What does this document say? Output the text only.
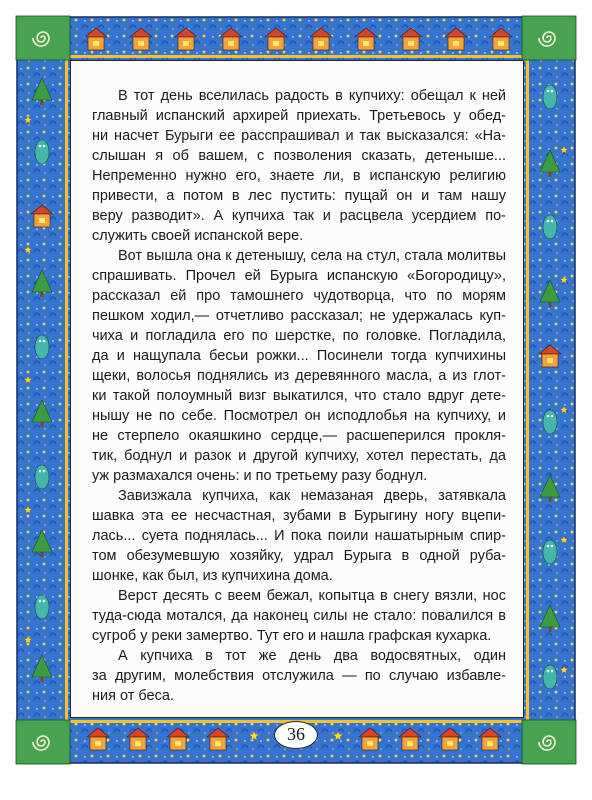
В тот день вселилась радость в купчиху: обещал к ней
главный испанский архирей приехать. Третьевось у обед-
ни насчет Бурыги ее расспрашивал и так высказался: «На-
слышан я об вашем, с позволения сказать, детеныше...
Непременно нужно его, знаете ли, в испанскую религию
привести, а потом в лес пустить: пущай он и там нашу
веру разводит». А купчиха так и расцвела усердием по-
служить своей испанской вере.
Вот вышла она к детенышу, села на стул, стала молитвы
спрашивать. Прочел ей Бурыга испанскую «Богородицу»,
рассказал ей про тамошнего чудотворца, что по морям
пешком ходил,— отчетливо рассказал; не удержалась куп-
чиха и погладила его по шерстке, по головке. Погладила,
да и нащупала бесьи рожки... Посинели тогда купчихины
щеки, волосья поднялись из деревянного масла, а из глот-
ки такой полоумный визг выкатился, что стало вдруг дете-
нышу не по себе. Посмотрел он исподлобья на купчиху, и
не стерпело окаяшкино сердце,— расшеперился прокля-
тик, боднул и разок и другой купчиху, хотел перестать, да
уж размахался очень: и по третьему разу боднул.
Завизжала купчиха, как немазаная дверь, затявкала
шавка эта ее несчастная, зубами в Бурыгину ногу вцепи-
лась... суета поднялась... И пока поили нашатырным спир-
том обезумевшую хозяйку, удрал Бурыга в одной руба-
шонке, как был, из купчихина дома.
Верст десять с веем бежал, копытца в снегу вязли, нос
туда-сюда мотался, да наконец силы не стало: повалился в
сугроб у реки замертво. Тут его и нашла графская кухарка.
А купчиха в тот же день два водосвятных, один
за другим, молебствия отслужила — по случаю избавле-
ния от беса.
36
